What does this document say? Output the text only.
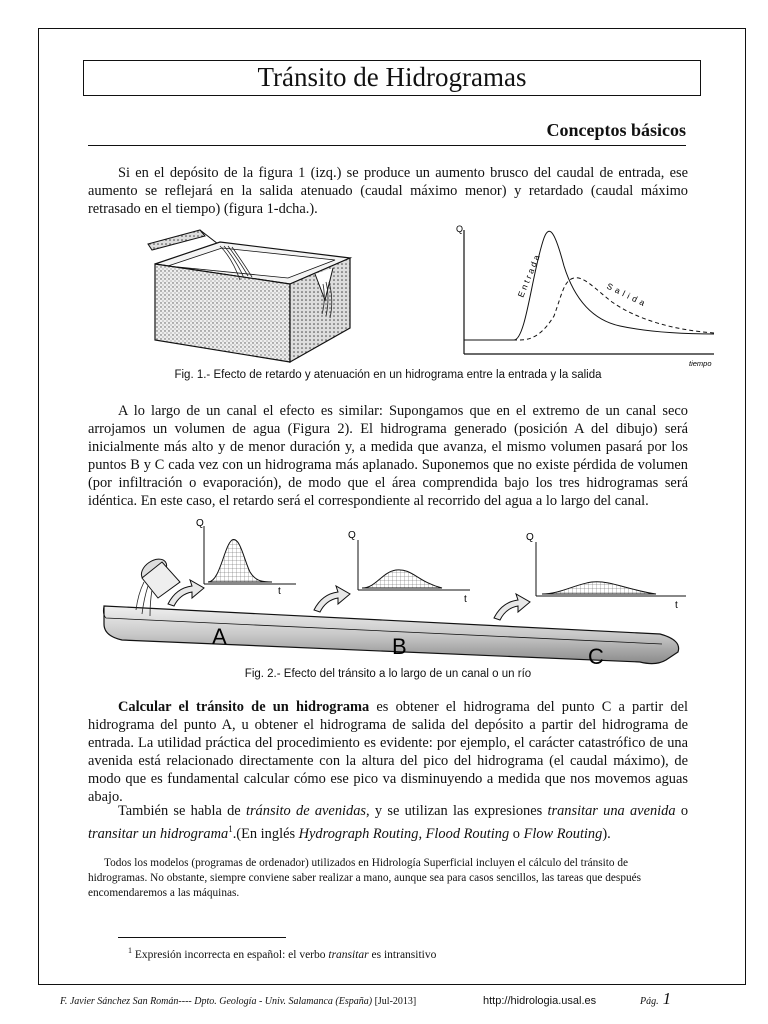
Tránsito de Hidrogramas
Conceptos básicos

Si en el depósito de la figura 1 (izq.) se produce un aumento brusco del caudal de entrada, ese aumento se reflejará en la salida atenuado (caudal máximo menor) y retardado (caudal máximo retrasado en el tiempo) (figura 1-dcha.).

Q
tiempo
Entrada	Salida
Fig. 1.- Efecto de retardo y atenuación en un hidrograma entre la entrada y la salida

A lo largo de un canal el efecto es similar: Supongamos que en el extremo de un canal seco arrojamos un volumen de agua (Figura 2). El hidrograma generado (posición A del dibujo) será inicialmente más alto y de menor duración y, a medida que avanza, el mismo volumen pasará por los puntos B y C cada vez con un hidrograma más aplanado. Suponemos que no existe pérdida de volumen (por infiltración o evaporación), de modo que el área comprendida bajo los tres hidrogramas será idéntica. En este caso, el retardo será el correspondiente al recorrido del agua a lo largo del canal.

Q
t
Q
t
Q
t
A	B	C
Fig. 2.- Efecto del tránsito a lo largo de un canal o un río

Calcular el tránsito de un hidrograma es obtener el hidrograma del punto C a partir del hidrograma del punto A, u obtener el hidrograma de salida del depósito a partir del hidrograma de entrada. La utilidad práctica del procedimiento es evidente: por ejemplo, el carácter catastrófico de una avenida está relacionado directamente con la altura del pico del hidrograma (el caudal máximo), de modo que es fundamental calcular cómo ese pico va disminuyendo a medida que nos movemos aguas abajo.

También se habla de tránsito de avenidas, y se utilizan las expresiones transitar una avenida o transitar un hidrograma$^1$.(En inglés Hydrograph Routing, Flood Routing o Flow Routing).

Todos los modelos (programas de ordenador) utilizados en Hidrología Superficial incluyen el cálculo del tránsito de hidrogramas. No obstante, siempre conviene saber realizar a mano, aunque sea para casos sencillos, las tareas que después encomendaremos a las máquinas.

$^1$ Expresión incorrecta en español: el verbo transitar es intransitivo
F. Javier Sánchez San Román---- Dpto. Geología - Univ. Salamanca (España) [Jul-2013]	http://hidrologia.usal.es	Pág. 1
